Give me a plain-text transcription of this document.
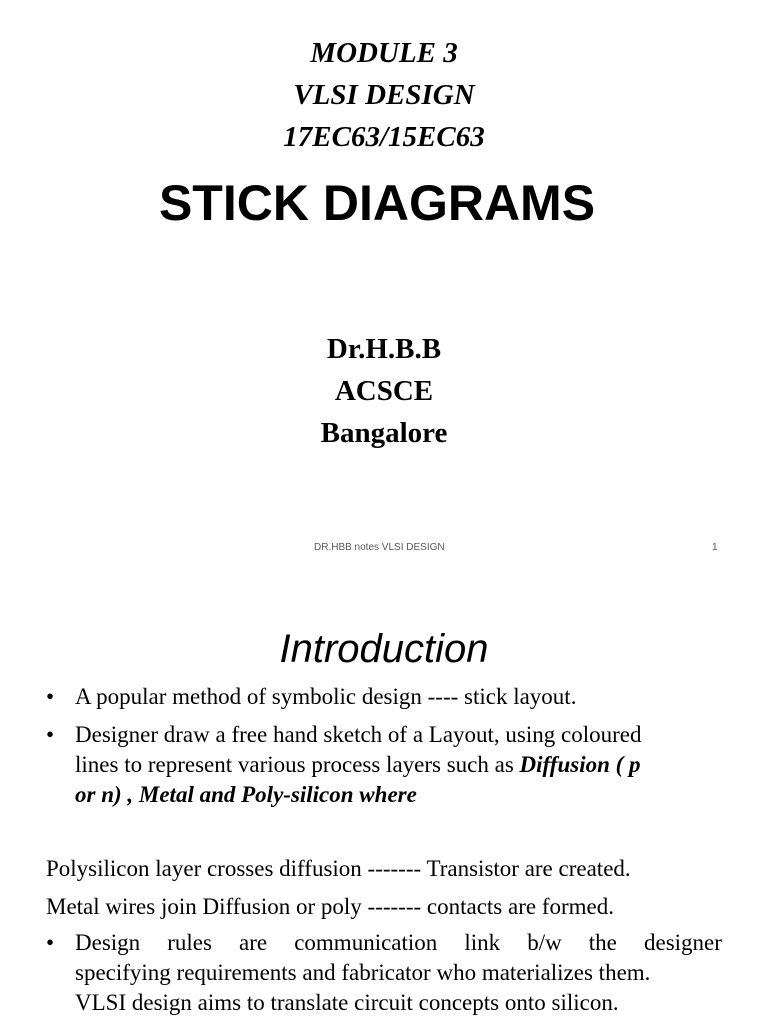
MODULE 3
VLSI DESIGN
17EC63/15EC63
STICK DIAGRAMS
Dr.H.B.B
ACSCE
Bangalore
DR.HBB notes VLSI DESIGN	1
Introduction
• A popular method of symbolic design ---- stick layout.
• Designer draw a free hand sketch of a Layout, using coloured
lines to represent various process layers such as Diffusion ( p
or n) , Metal and Poly-silicon where
Polysilicon layer crosses diffusion ------- Transistor are created.
Metal wires join Diffusion or poly ------- contacts are formed.
• Design rules are communication link b/w the designer
specifying requirements and fabricator who materializes them.
VLSI design aims to translate circuit concepts onto silicon.
